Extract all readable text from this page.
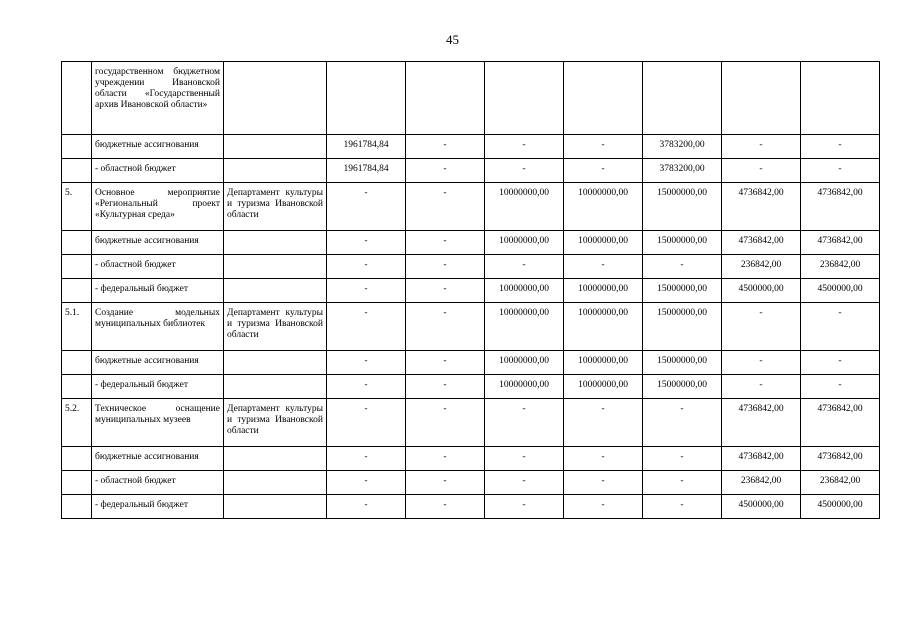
45
	государственном бюджетном учреждении Ивановской области «Государственный архив Ивановской области»								
	бюджетные ассигнования		1961784,84	-	-	-	3783200,00	-	-
	- областной бюджет		1961784,84	-	-	-	3783200,00	-	-
5.	Основное мероприятие «Региональный проект «Культурная среда»	Департамент культуры и туризма Ивановской области	-	-	10000000,00	10000000,00	15000000,00	4736842,00	4736842,00
	бюджетные ассигнования		-	-	10000000,00	10000000,00	15000000,00	4736842,00	4736842,00
	- областной бюджет		-	-	-	-	-	236842,00	236842,00
	- федеральный бюджет		-	-	10000000,00	10000000,00	15000000,00	4500000,00	4500000,00
5.1.	Создание модельных муниципальных библиотек	Департамент культуры и туризма Ивановской области	-	-	10000000,00	10000000,00	15000000,00	-	-
	бюджетные ассигнования		-	-	10000000,00	10000000,00	15000000,00	-	-
	- федеральный бюджет		-	-	10000000,00	10000000,00	15000000,00	-	-
5.2.	Техническое оснащение муниципальных музеев	Департамент культуры и туризма Ивановской области	-	-	-	-	-	4736842,00	4736842,00
	бюджетные ассигнования		-	-	-	-	-	4736842,00	4736842,00
	- областной бюджет		-	-	-	-	-	236842,00	236842,00
	- федеральный бюджет		-	-	-	-	-	4500000,00	4500000,00
